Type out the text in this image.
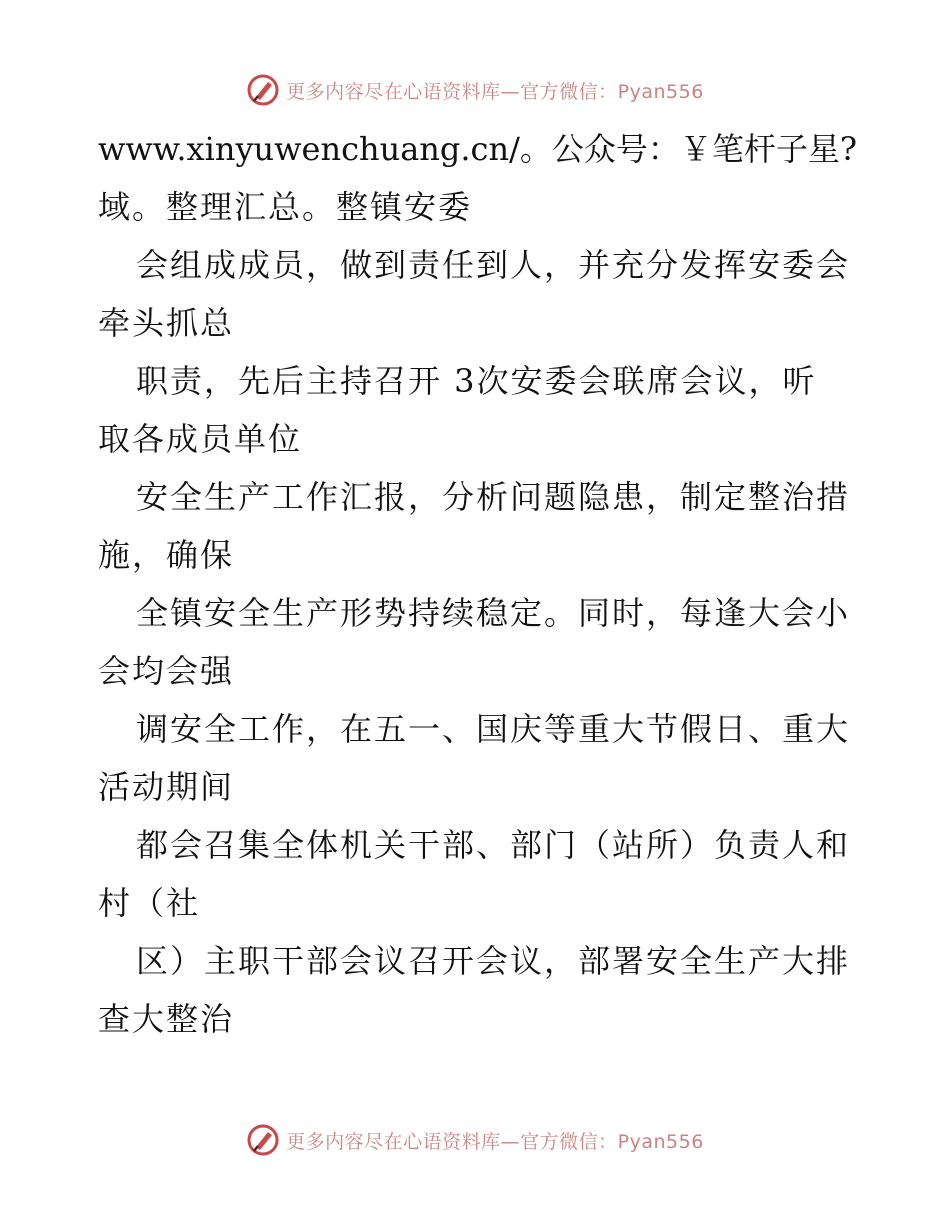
更多内容尽在心语资料库—官方微信：Pyan556
www.xinyuwenchuang.cn/。公众号：￥笔杆子星?
域。整理汇总。整镇安委
会组成成员，做到责任到人，并充分发挥安委会
牵头抓总
职责，先后主持召开 3次安委会联席会议，听
取各成员单位
安全生产工作汇报，分析问题隐患，制定整治措
施，确保
全镇安全生产形势持续稳定。同时，每逢大会小
会均会强
调安全工作，在五一、国庆等重大节假日、重大
活动期间
都会召集全体机关干部、部门（站所）负责人和
村（社
区）主职干部会议召开会议，部署安全生产大排
查大整治
更多内容尽在心语资料库—官方微信：Pyan556
